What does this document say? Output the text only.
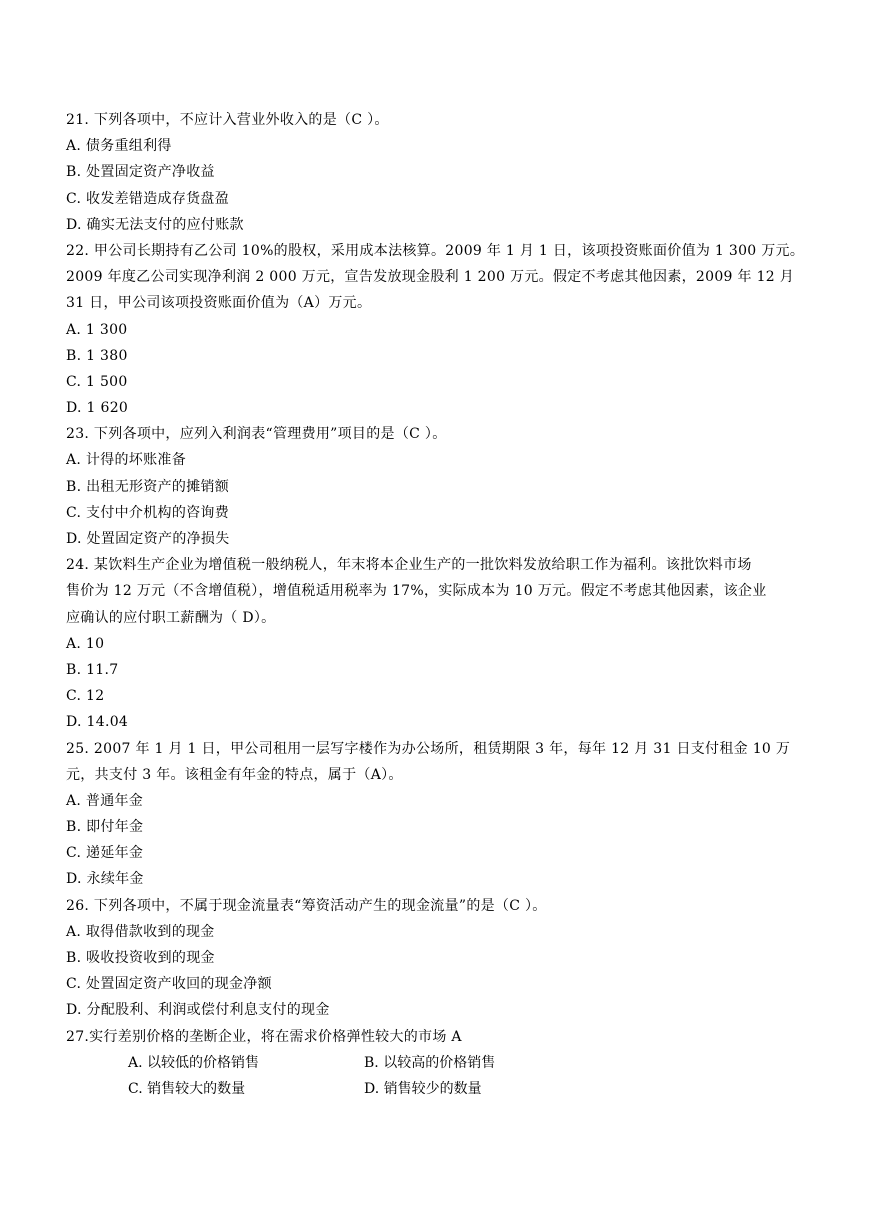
21. 下列各项中，不应计入营业外收入的是（C ）。
A. 债务重组利得
B. 处置固定资产净收益
C. 收发差错造成存货盘盈
D. 确实无法支付的应付账款
22. 甲公司长期持有乙公司 10%的股权，采用成本法核算。2009 年 1 月 1 日，该项投资账面价值为 1 300 万元。
2009 年度乙公司实现净利润 2 000 万元，宣告发放现金股利 1 200 万元。假定不考虑其他因素，2009 年 12 月
31 日，甲公司该项投资账面价值为（A）万元。
A. 1 300
B. 1 380
C. 1 500
D. 1 620
23. 下列各项中，应列入利润表“管理费用”项目的是（C ）。
A. 计得的坏账准备
B. 出租无形资产的摊销额
C. 支付中介机构的咨询费
D. 处置固定资产的净损失
24. 某饮料生产企业为增值税一般纳税人，年末将本企业生产的一批饮料发放给职工作为福利。该批饮料市场
售价为 12 万元（不含增值税），增值税适用税率为 17%，实际成本为 10 万元。假定不考虑其他因素，该企业
应确认的应付职工薪酬为（ D）。
A. 10
B. 11.7
C. 12
D. 14.04
25. 2007 年 1 月 1 日，甲公司租用一层写字楼作为办公场所，租赁期限 3 年，每年 12 月 31 日支付租金 10 万
元，共支付 3 年。该租金有年金的特点，属于（A）。
A. 普通年金
B. 即付年金
C. 递延年金
D. 永续年金
26. 下列各项中，不属于现金流量表“筹资活动产生的现金流量”的是（C ）。
A. 取得借款收到的现金
B. 吸收投资收到的现金
C. 处置固定资产收回的现金净额
D. 分配股利、利润或偿付利息支付的现金
27.实行差别价格的垄断企业，将在需求价格弹性较大的市场 A
A. 以较低的价格销售	B. 以较高的价格销售
C. 销售较大的数量	D. 销售较少的数量
